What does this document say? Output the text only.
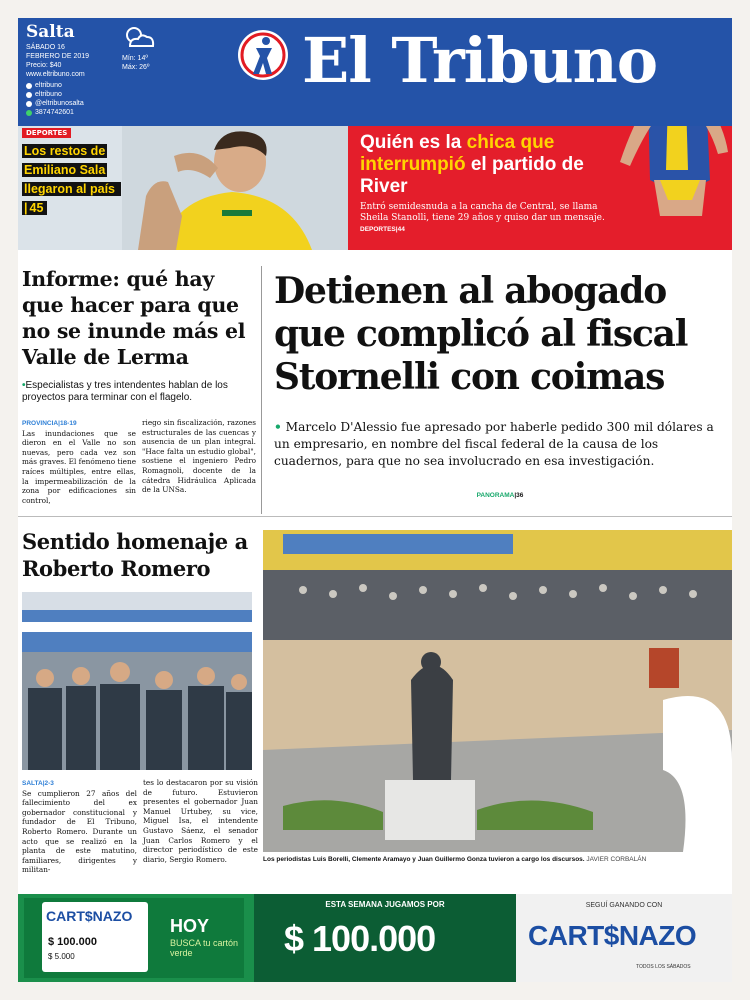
Salta
SÁBADO 16 FEBRERO DE 2019
Precio: $40
www.eltribuno.com
eltribuno
eltribuno
@eltribunosalta
3874742601
Mín: 14º
Máx: 26º El Tribuno
DEPORTES
Los restos de Emiliano Sala llegaron al país | 45
Quién es la chica que interrumpió el partido de River
Entró semidesnuda a la cancha de Central, se llama Sheila Stanolli, tiene 29 años y quiso dar un mensaje. DEPORTES|44
Informe: qué hay que hacer para que no se inunde más el Valle de Lerma
•Especialistas y tres intendentes hablan de los proyectos para terminar con el flagelo.
PROVINCIA|18-19
Las inundaciones que se dieron en el Valle no son nuevas, pero cada vez son más graves. El fenómeno tiene raíces múltiples, entre ellas, la impermeabilización de la zona por edificaciones sin control,
riego sin fiscalización, razones estructurales de las cuencas y ausencia de un plan integral. "Hace falta un estudio global", sostiene el ingeniero Pedro Romagnoli, docente de la cátedra Hidráulica Aplicada de la UNSa.
Detienen al abogado que complicó al fiscal Stornelli con coimas
• Marcelo D'Alessio fue apresado por haberle pedido 300 mil dólares a un empresario, en nombre del fiscal federal de la causa de los cuadernos, para que no sea involucrado en esa investigación.
PANORAMA|36
Sentido homenaje a Roberto Romero
SALTA|2-3
Se cumplieron 27 años del fallecimiento del ex gobernador constitucional y fundador de El Tribuno, Roberto Romero. Durante un acto que se realizó en la planta de este matutino, familiares, dirigentes y militan-
tes lo destacaron por su visión de futuro. Estuvieron presentes el gobernador Juan Manuel Urtubey, su vice, Miguel Isa, el intendente Gustavo Sáenz, el senador Juan Carlos Romero y el director periodístico de este diario, Sergio Romero.	Los periodistas Luis Borelli, Clemente Aramayo y Juan Guillermo Gonza tuvieron a cargo los discursos. JAVIER CORBALÁN
CART$NAZO
$ 100.000
$ 5.000
HOY
BUSCA tu cartón verde
ESTA SEMANA JUGAMOS POR
$ 100.000
SEGUÍ GANANDO CON
CART$NAZO
TODOS LOS SÁBADOS
